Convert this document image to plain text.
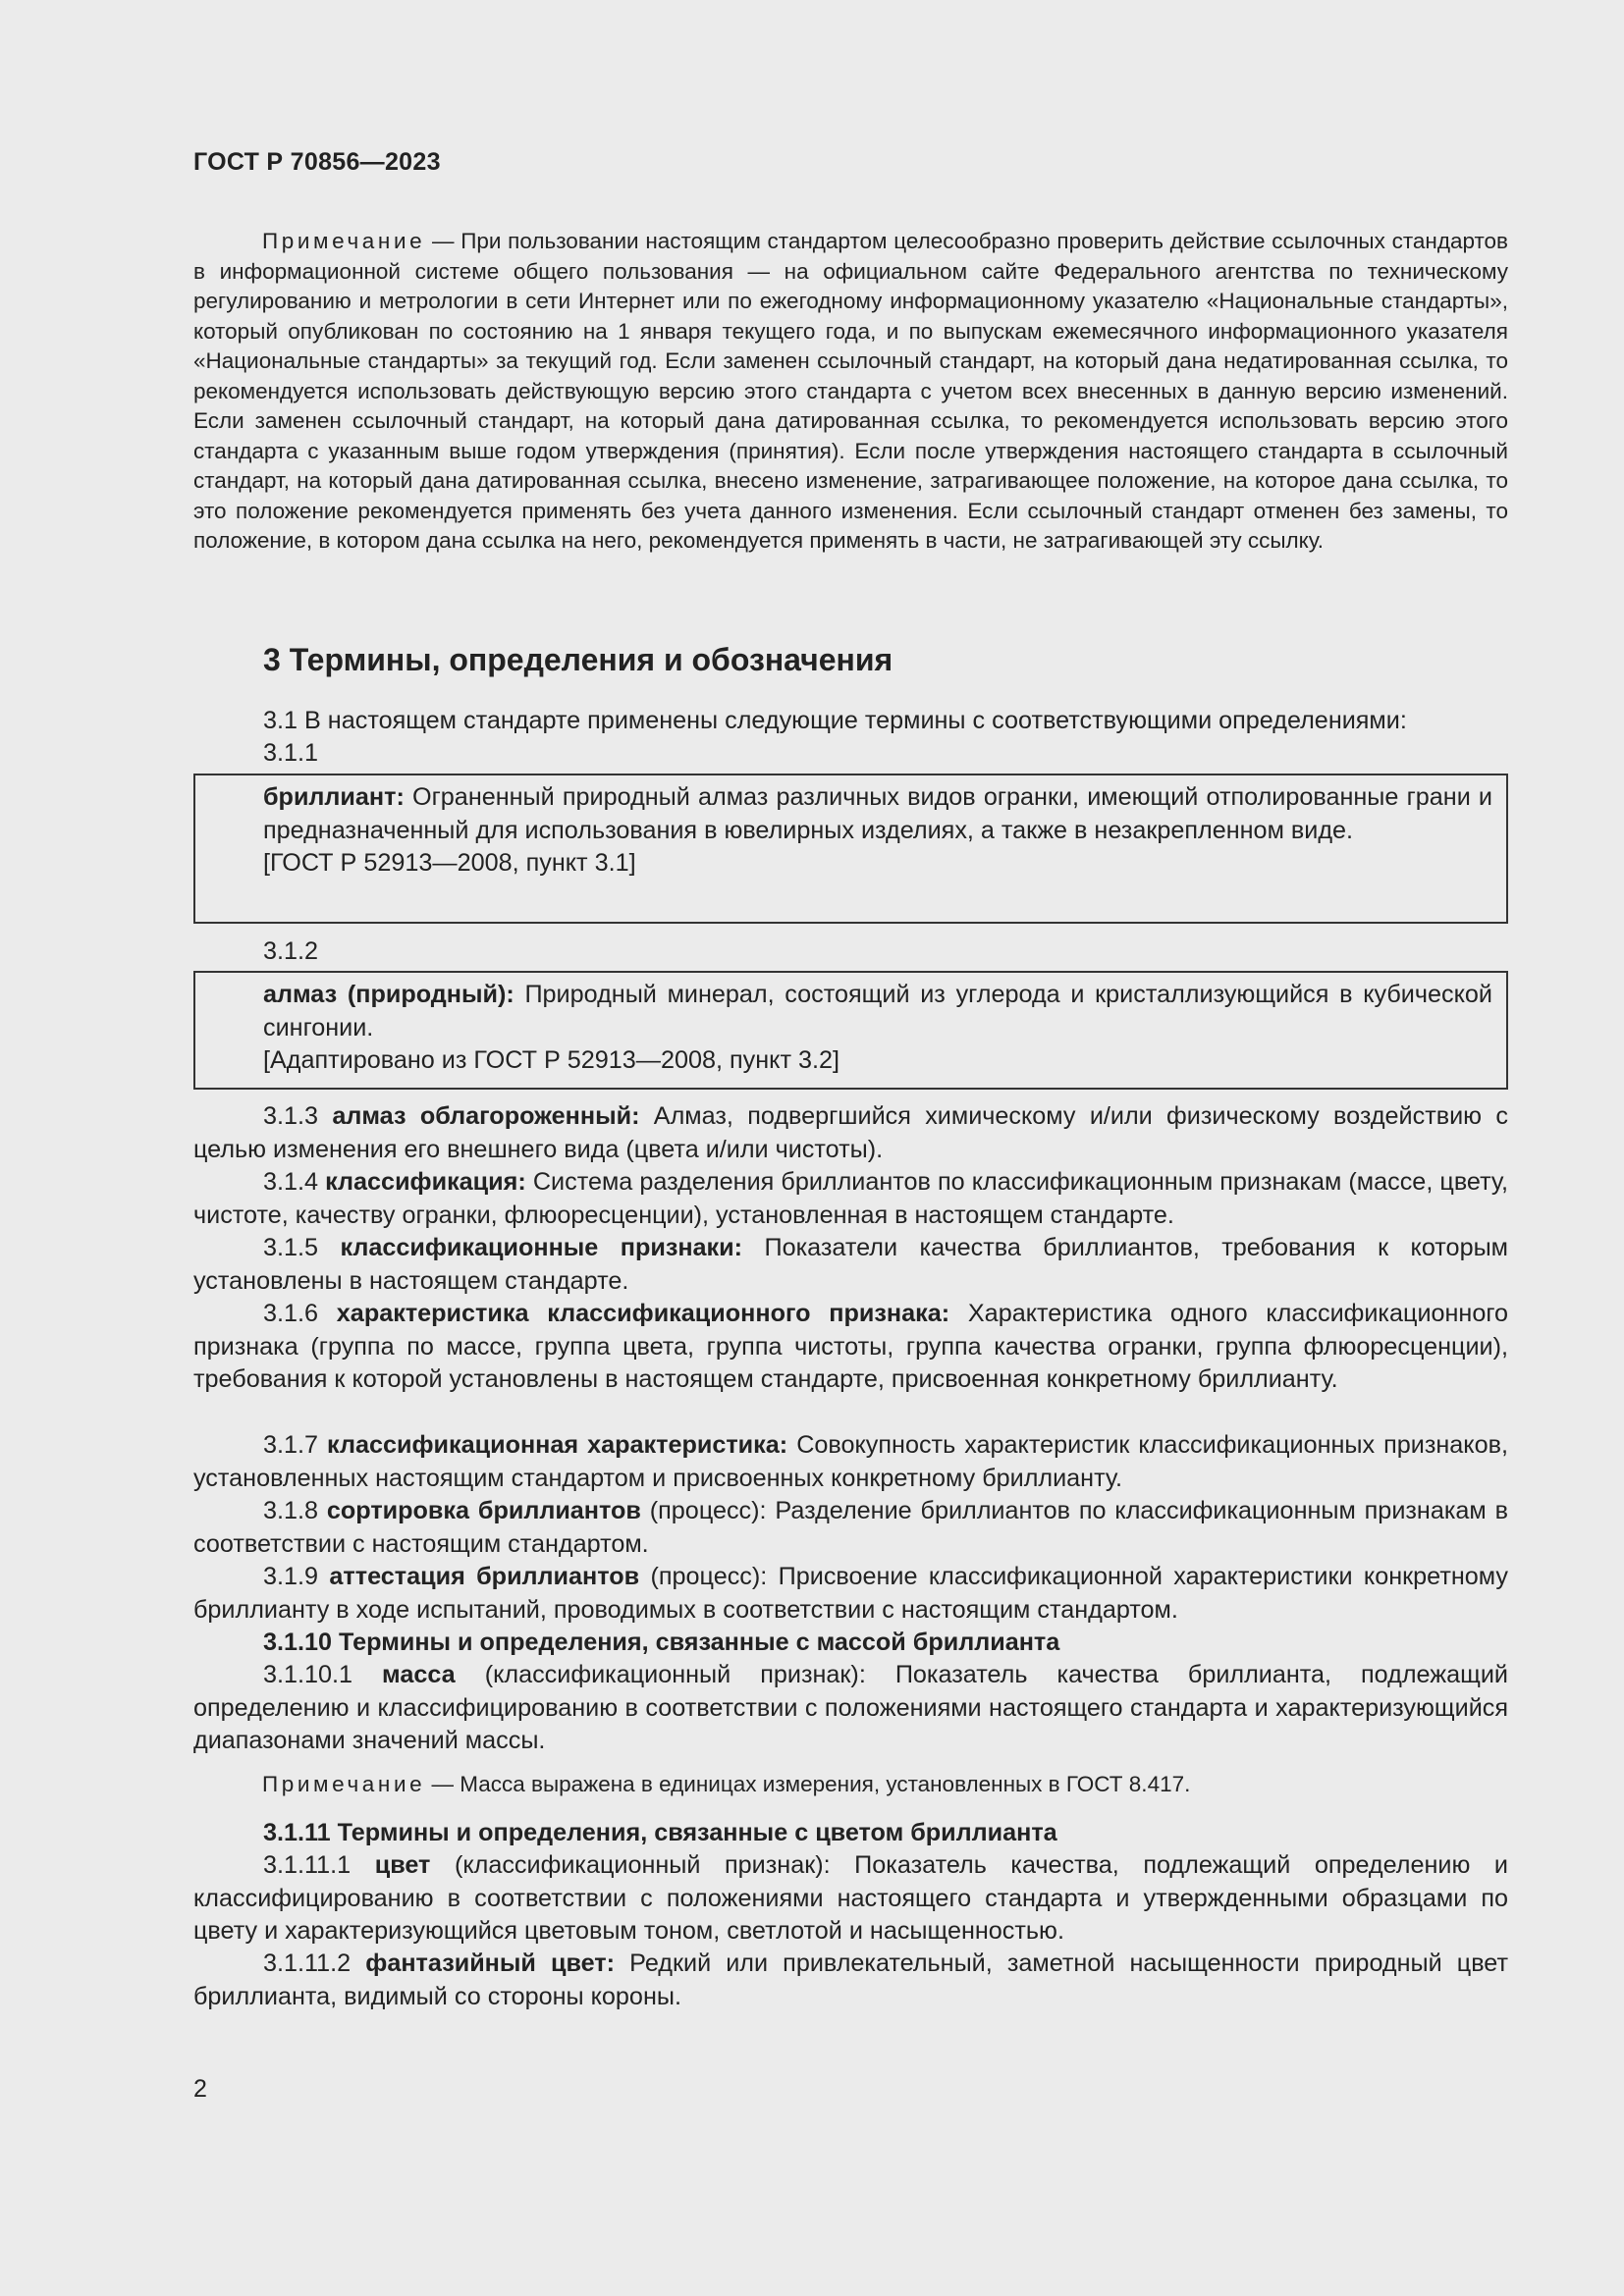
ГОСТ Р 70856—2023
Примечание — При пользовании настоящим стандартом целесообразно проверить действие ссылочных стандартов в информационной системе общего пользования — на официальном сайте Федерального агентства по техническому регулированию и метрологии в сети Интернет или по ежегодному информационному указателю «Национальные стандарты», который опубликован по состоянию на 1 января текущего года, и по выпускам ежемесячного информационного указателя «Национальные стандарты» за текущий год. Если заменен ссылочный стандарт, на который дана недатированная ссылка, то рекомендуется использовать действующую версию этого стандарта с учетом всех внесенных в данную версию изменений. Если заменен ссылочный стандарт, на который дана датированная ссылка, то рекомендуется использовать версию этого стандарта с указанным выше годом утверждения (принятия). Если после утверждения настоящего стандарта в ссылочный стандарт, на который дана датированная ссылка, внесено изменение, затрагивающее положение, на которое дана ссылка, то это положение рекомендуется применять без учета данного изменения. Если ссылочный стандарт отменен без замены, то положение, в котором дана ссылка на него, рекомендуется применять в части, не затрагивающей эту ссылку.
3 Термины, определения и обозначения
3.1 В настоящем стандарте применены следующие термины с соответствующими определениями:
3.1.1
бриллиант: Ограненный природный алмаз различных видов огранки, имеющий отполированные грани и предназначенный для использования в ювелирных изделиях, а также в незакрепленном виде.
[ГОСТ Р 52913—2008, пункт 3.1]
3.1.2
алмаз (природный): Природный минерал, состоящий из углерода и кристаллизующийся в кубической сингонии.
[Адаптировано из ГОСТ Р 52913—2008, пункт 3.2]
3.1.3 алмаз облагороженный: Алмаз, подвергшийся химическому и/или физическому воздействию с целью изменения его внешнего вида (цвета и/или чистоты).
3.1.4 классификация: Система разделения бриллиантов по классификационным признакам (массе, цвету, чистоте, качеству огранки, флюоресценции), установленная в настоящем стандарте.
3.1.5 классификационные признаки: Показатели качества бриллиантов, требования к которым установлены в настоящем стандарте.
3.1.6 характеристика классификационного признака: Характеристика одного классификационного признака (группа по массе, группа цвета, группа чистоты, группа качества огранки, группа флюоресценции), требования к которой установлены в настоящем стандарте, присвоенная конкретному бриллианту.
3.1.7 классификационная характеристика: Совокупность характеристик классификационных признаков, установленных настоящим стандартом и присвоенных конкретному бриллианту.
3.1.8 сортировка бриллиантов (процесс): Разделение бриллиантов по классификационным признакам в соответствии с настоящим стандартом.
3.1.9 аттестация бриллиантов (процесс): Присвоение классификационной характеристики конкретному бриллианту в ходе испытаний, проводимых в соответствии с настоящим стандартом.
3.1.10 Термины и определения, связанные с массой бриллианта
3.1.10.1 масса (классификационный признак): Показатель качества бриллианта, подлежащий определению и классифицированию в соответствии с положениями настоящего стандарта и характеризующийся диапазонами значений массы.
Примечание — Масса выражена в единицах измерения, установленных в ГОСТ 8.417.
3.1.11 Термины и определения, связанные с цветом бриллианта
3.1.11.1 цвет (классификационный признак): Показатель качества, подлежащий определению и классифицированию в соответствии с положениями настоящего стандарта и утвержденными образцами по цвету и характеризующийся цветовым тоном, светлотой и насыщенностью.
3.1.11.2 фантазийный цвет: Редкий или привлекательный, заметной насыщенности природный цвет бриллианта, видимый со стороны короны.
2
